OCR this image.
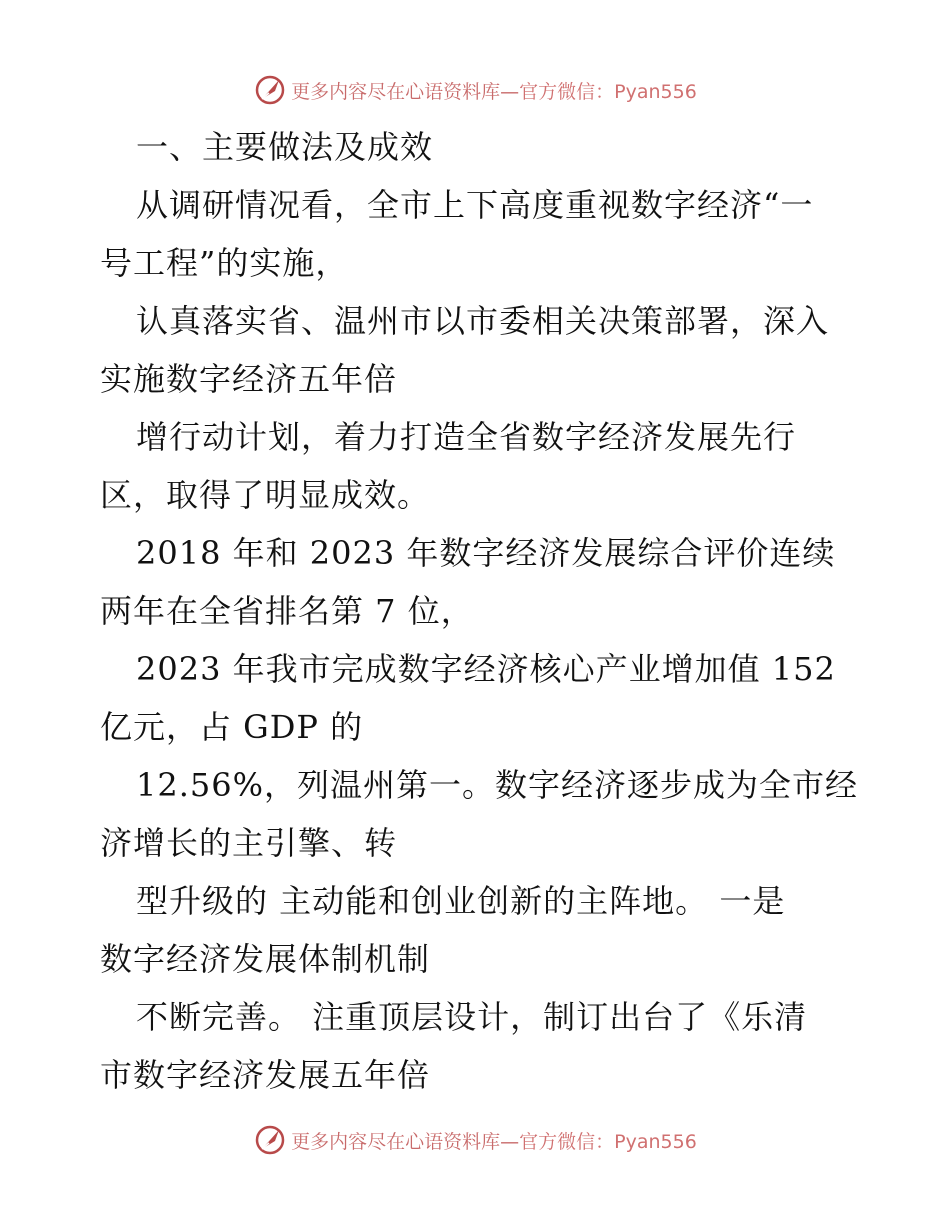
更多内容尽在心语资料库—官方微信：Pyan556
一、主要做法及成效
从调研情况看，全市上下高度重视数字经济“一
号工程”的实施，
认真落实省、温州市以市委相关决策部署，深入
实施数字经济五年倍
增行动计划，着力打造全省数字经济发展先行
区，取得了明显成效。
2018 年和 2023 年数字经济发展综合评价连续
两年在全省排名第 7 位，
2023 年我市完成数字经济核心产业增加值 152
亿元，占 GDP 的
12.56%，列温州第一。数字经济逐步成为全市经
济增长的主引擎、转
型升级的 主动能和创业创新的主阵地。 一是
数字经济发展体制机制
不断完善。 注重顶层设计，制订出台了《乐清
市数字经济发展五年倍
更多内容尽在心语资料库—官方微信：Pyan556
